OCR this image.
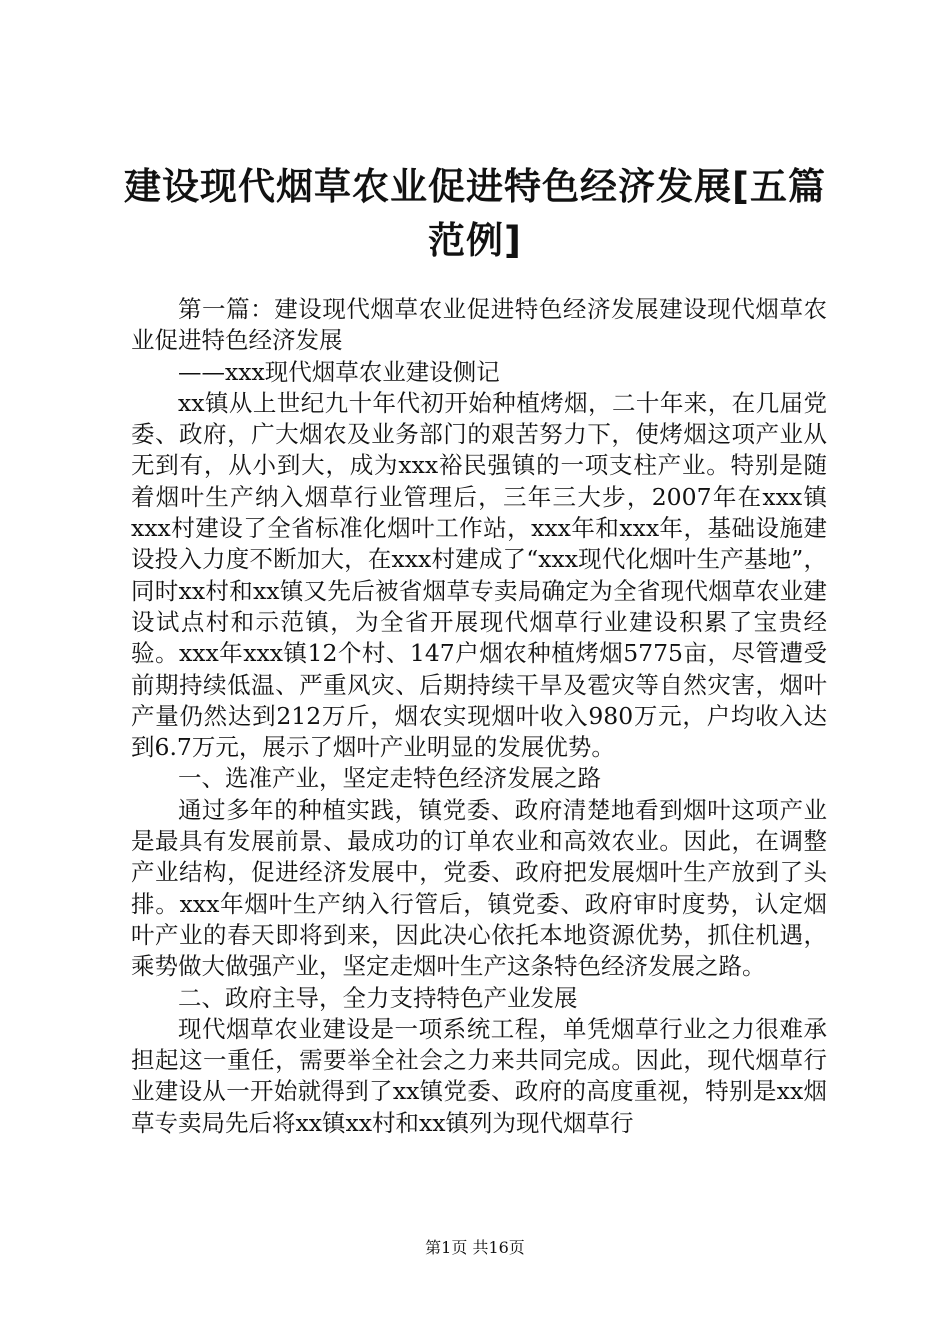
建设现代烟草农业促进特色经济发展[五篇范例]

第一篇：建设现代烟草农业促进特色经济发展建设现代烟草农业促进特色经济发展

——xxx现代烟草农业建设侧记

xx镇从上世纪九十年代初开始种植烤烟，二十年来，在几届党委、政府，广大烟农及业务部门的艰苦努力下，使烤烟这项产业从无到有，从小到大，成为xxx裕民强镇的一项支柱产业。特别是随着烟叶生产纳入烟草行业管理后，三年三大步，2007年在xxx镇xxx村建设了全省标准化烟叶工作站，xxx年和xxx年，基础设施建设投入力度不断加大，在xxx村建成了“xxx现代化烟叶生产基地”，同时xx村和xx镇又先后被省烟草专卖局确定为全省现代烟草农业建设试点村和示范镇，为全省开展现代烟草行业建设积累了宝贵经验。xxx年xxx镇12个村、147户烟农种植烤烟5775亩，尽管遭受前期持续低温、严重风灾、后期持续干旱及雹灾等自然灾害，烟叶产量仍然达到212万斤，烟农实现烟叶收入980万元，户均收入达到6.7万元，展示了烟叶产业明显的发展优势。

一、选准产业，坚定走特色经济发展之路

通过多年的种植实践，镇党委、政府清楚地看到烟叶这项产业是最具有发展前景、最成功的订单农业和高效农业。因此，在调整产业结构，促进经济发展中，党委、政府把发展烟叶生产放到了头排。xxx年烟叶生产纳入行管后，镇党委、政府审时度势，认定烟叶产业的春天即将到来，因此决心依托本地资源优势，抓住机遇，乘势做大做强产业，坚定走烟叶生产这条特色经济发展之路。

二、政府主导，全力支持特色产业发展

现代烟草农业建设是一项系统工程，单凭烟草行业之力很难承担起这一重任，需要举全社会之力来共同完成。因此，现代烟草行业建设从一开始就得到了xx镇党委、政府的高度重视，特别是xx烟草专卖局先后将xx镇xx村和xx镇列为现代烟草行

第1页 共16页
